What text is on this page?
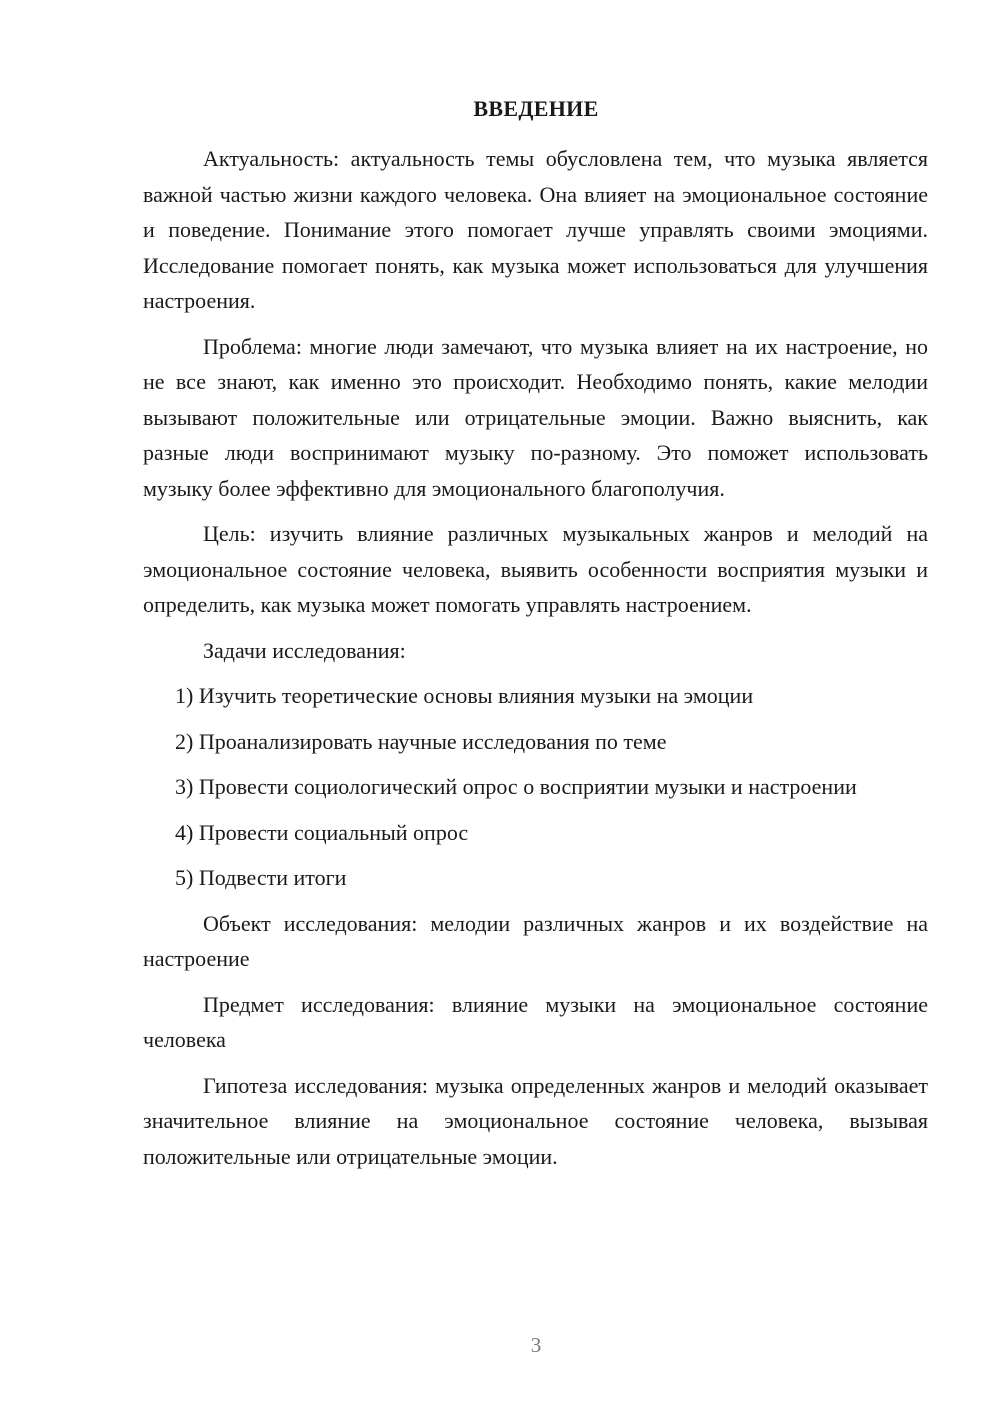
ВВЕДЕНИЕ

Актуальность: актуальность темы обусловлена тем, что музыка является важной частью жизни каждого человека. Она влияет на эмоциональное состояние и поведение. Понимание этого помогает лучше управлять своими эмоциями. Исследование помогает понять, как музыка может использоваться для улучшения настроения.

Проблема: многие люди замечают, что музыка влияет на их настроение, но не все знают, как именно это происходит. Необходимо понять, какие мелодии вызывают положительные или отрицательные эмоции. Важно выяснить, как разные люди воспринимают музыку по-разному. Это поможет использовать музыку более эффективно для эмоционального благополучия.

Цель: изучить влияние различных музыкальных жанров и мелодий на эмоциональное состояние человека, выявить особенности восприятия музыки и определить, как музыка может помогать управлять настроением.

Задачи исследования:

1) Изучить теоретические основы влияния музыки на эмоции

2) Проанализировать научные исследования по теме

3) Провести социологический опрос о восприятии музыки и настроении

4) Провести социальный опрос

5) Подвести итоги

Объект исследования: мелодии различных жанров и их воздействие на настроение

Предмет исследования: влияние музыки на эмоциональное состояние человека

Гипотеза исследования: музыка определенных жанров и мелодий оказывает значительное влияние на эмоциональное состояние человека, вызывая положительные или отрицательные эмоции.

3
